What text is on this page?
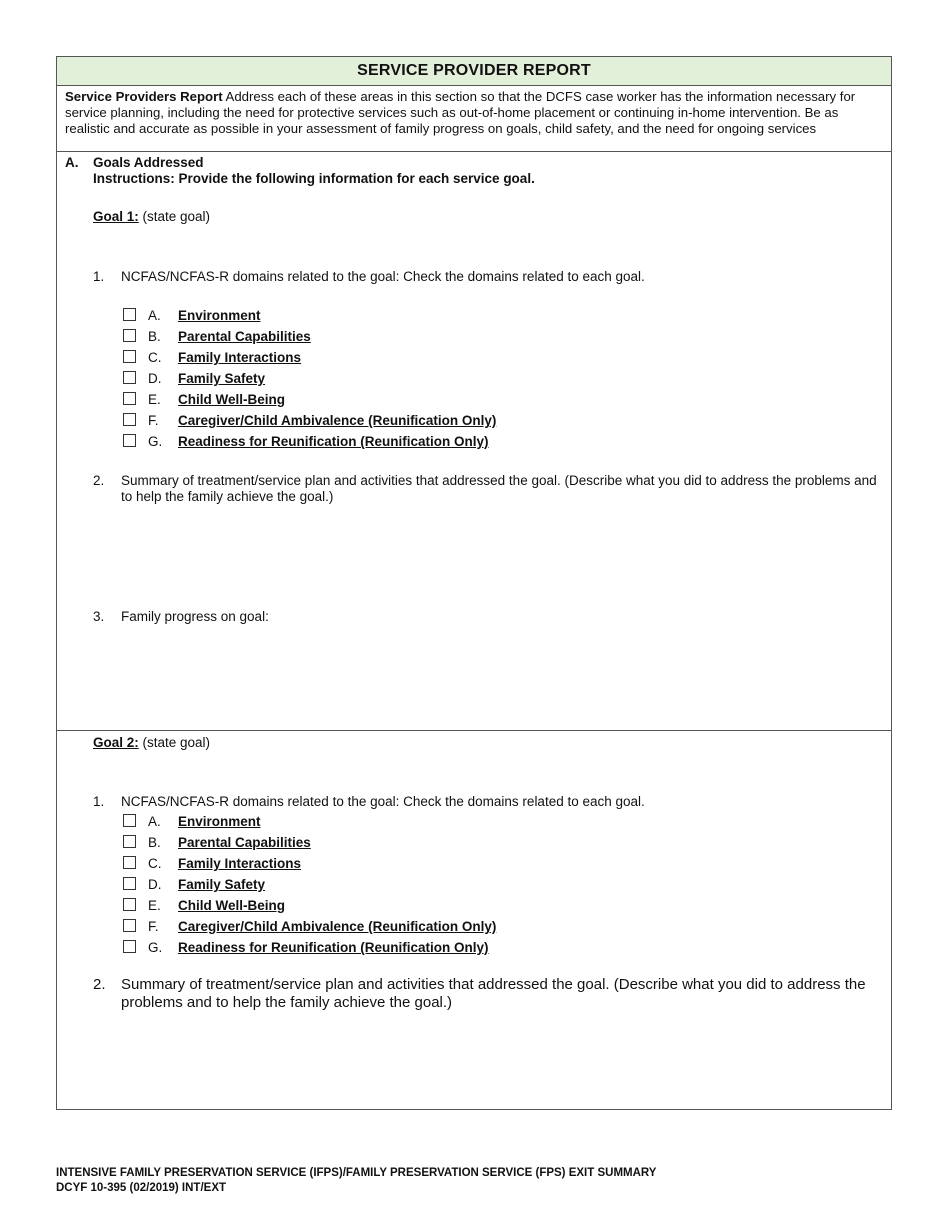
SERVICE PROVIDER REPORT
Service Providers Report Address each of these areas in this section so that the DCFS case worker has the information necessary for service planning, including the need for protective services such as out-of-home placement or continuing in-home intervention. Be as realistic and accurate as possible in your assessment of family progress on goals, child safety, and the need for ongoing services
A. Goals Addressed
Instructions: Provide the following information for each service goal.
Goal 1: (state goal)
1.	NCFAS/NCFAS-R domains related to the goal: Check the domains related to each goal.
A. Environment
B. Parental Capabilities
C. Family Interactions
D. Family Safety
E. Child Well-Being
F. Caregiver/Child Ambivalence (Reunification Only)
G. Readiness for Reunification (Reunification Only)
2.	Summary of treatment/service plan and activities that addressed the goal. (Describe what you did to address the problems and to help the family achieve the goal.)
3.	Family progress on goal:
Goal 2: (state goal)
1.	NCFAS/NCFAS-R domains related to the goal: Check the domains related to each goal.
A. Environment
B. Parental Capabilities
C. Family Interactions
D. Family Safety
E. Child Well-Being
F. Caregiver/Child Ambivalence (Reunification Only)
G. Readiness for Reunification (Reunification Only)
2.	Summary of treatment/service plan and activities that addressed the goal. (Describe what you did to address the problems and to help the family achieve the goal.)
INTENSIVE FAMILY PRESERVATION SERVICE (IFPS)/FAMILY PRESERVATION SERVICE (FPS) EXIT SUMMARY
DCYF 10-395 (02/2019) INT/EXT
